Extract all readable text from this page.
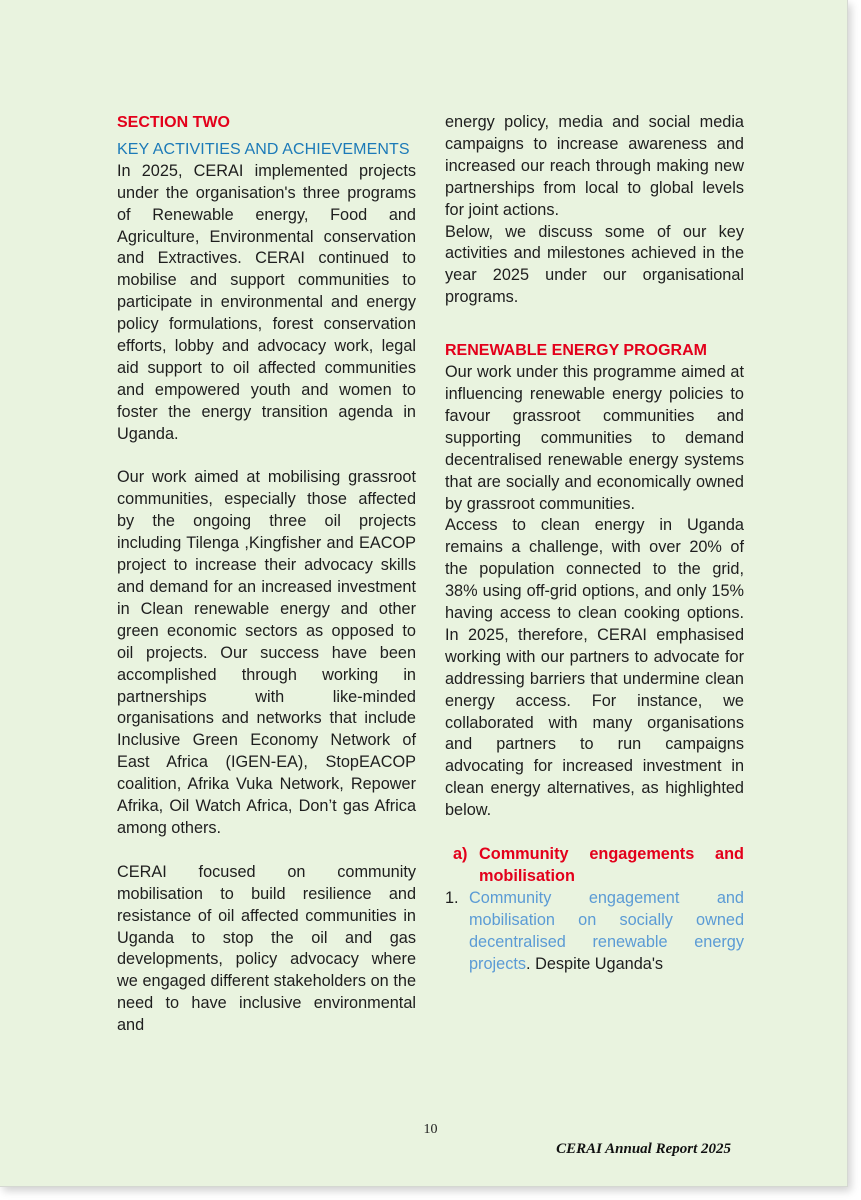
SECTION TWO
KEY ACTIVITIES AND ACHIEVEMENTS

In 2025, CERAI implemented projects under the organisation's three programs of Renewable energy, Food and Agriculture, Environmental conservation and Extractives. CERAI continued to mobilise and support communities to participate in environmental and energy policy formulations, forest conservation efforts, lobby and advocacy work, legal aid support to oil affected communities and empowered youth and women to foster the energy transition agenda in Uganda.

Our work aimed at mobilising grassroot communities, especially those affected by the ongoing three oil projects including Tilenga ,Kingfisher and EACOP project to increase their advocacy skills and demand for an increased investment in Clean renewable energy and other green economic sectors as opposed to oil projects. Our success have been accomplished through working in partnerships with like-minded organisations and networks that include Inclusive Green Economy Network of East Africa (IGEN-EA), StopEACOP coalition, Afrika Vuka Network, Repower Afrika, Oil Watch Africa, Don’t gas Africa among others.

CERAI focused on community mobilisation to build resilience and resistance of oil affected communities in Uganda to stop the oil and gas developments, policy advocacy where we engaged different stakeholders on the need to have inclusive environmental and

energy policy, media and social media campaigns to increase awareness and increased our reach through making new partnerships from local to global levels for joint actions.

Below, we discuss some of our key activities and milestones achieved in the year 2025 under our organisational programs.

RENEWABLE ENERGY PROGRAM

Our work under this programme aimed at influencing renewable energy policies to favour grassroot communities and supporting communities to demand decentralised renewable energy systems that are socially and economically owned by grassroot communities.

Access to clean energy in Uganda remains a challenge, with over 20% of the population connected to the grid, 38% using off-grid options, and only 15% having access to clean cooking options. In 2025, therefore, CERAI emphasised working with our partners to advocate for addressing barriers that undermine clean energy access. For instance, we collaborated with many organisations and partners to run campaigns advocating for increased investment in clean energy alternatives, as highlighted below.

a) Community engagements and mobilisation
1. Community engagement and mobilisation on socially owned decentralised renewable energy projects. Despite Uganda's
10
CERAI Annual Report 2025
